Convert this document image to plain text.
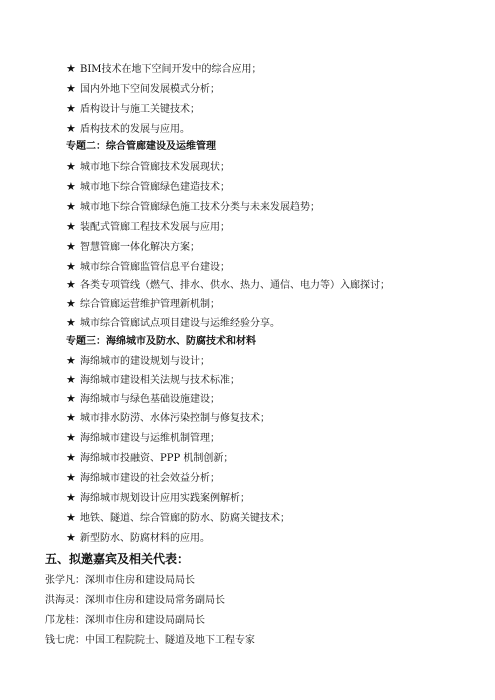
★ BIM技术在地下空间开发中的综合应用；
★ 国内外地下空间发展模式分析；
★ 盾构设计与施工关键技术；
★ 盾构技术的发展与应用。
专题二：综合管廊建设及运维管理
★ 城市地下综合管廊技术发展现状；
★ 城市地下综合管廊绿色建造技术；
★ 城市地下综合管廊绿色施工技术分类与未来发展趋势；
★ 装配式管廊工程技术发展与应用；
★ 智慧管廊一体化解决方案；
★ 城市综合管廊监管信息平台建设；
★ 各类专项管线（燃气、排水、供水、热力、通信、电力等）入廊探讨；
★ 综合管廊运营维护管理新机制；
★ 城市综合管廊试点项目建设与运维经验分享。
专题三：海绵城市及防水、防腐技术和材料
★ 海绵城市的建设规划与设计；
★ 海绵城市建设相关法规与技术标准；
★ 海绵城市与绿色基础设施建设；
★ 城市排水防涝、水体污染控制与修复技术；
★ 海绵城市建设与运维机制管理；
★ 海绵城市投融资、PPP 机制创新；
★ 海绵城市建设的社会效益分析；
★ 海绵城市规划设计应用实践案例解析；
★ 地铁、隧道、综合管廊的防水、防腐关键技术；
★ 新型防水、防腐材料的应用。
五、拟邀嘉宾及相关代表：
张学凡：深圳市住房和建设局局长
洪海灵：深圳市住房和建设局常务副局长
邝龙桂：深圳市住房和建设局副局长
钱七虎：中国工程院院士、隧道及地下工程专家
